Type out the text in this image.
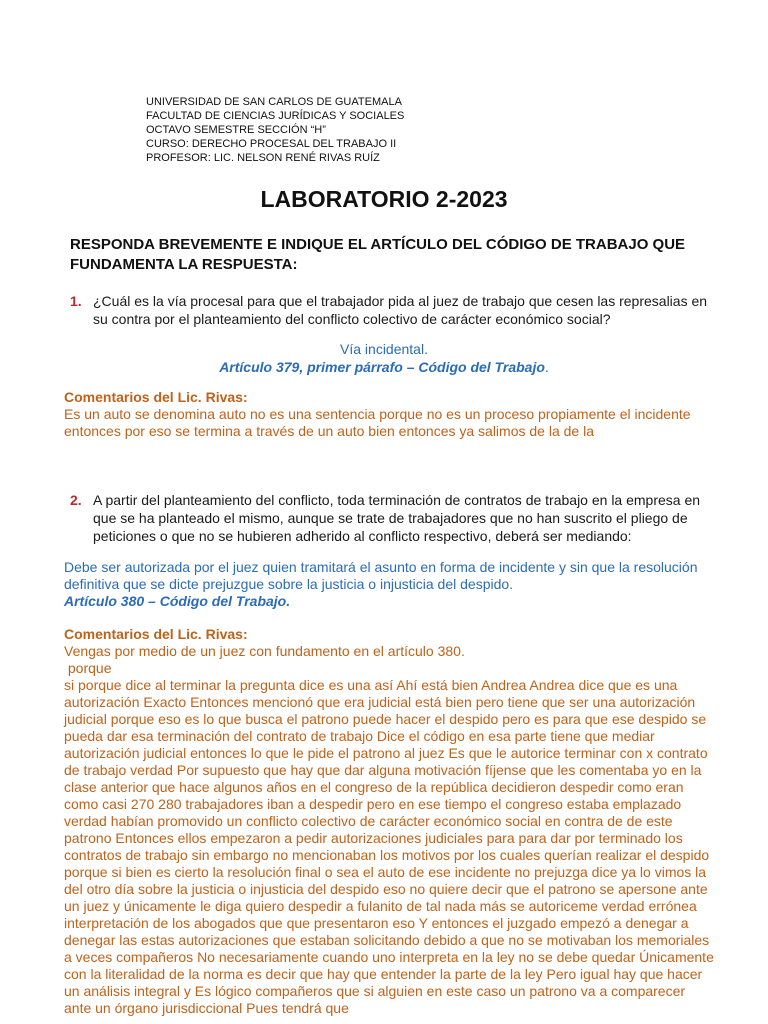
UNIVERSIDAD DE SAN CARLOS DE GUATEMALA
FACULTAD DE CIENCIAS JURÍDICAS Y SOCIALES
OCTAVO SEMESTRE SECCIÓN “H”
CURSO: DERECHO PROCESAL DEL TRABAJO II
PROFESOR: LIC. NELSON RENÉ RIVAS RUÍZ
LABORATORIO 2-2023
RESPONDA BREVEMENTE E INDIQUE EL ARTÍCULO DEL CÓDIGO DE TRABAJO QUE FUNDAMENTA LA RESPUESTA:
1. ¿Cuál es la vía procesal para que el trabajador pida al juez de trabajo que cesen las represalias en su contra por el planteamiento del conflicto colectivo de carácter económico social?
Vía incidental.
Artículo 379, primer párrafo – Código del Trabajo.
Comentarios del Lic. Rivas:
Es un auto se denomina auto no es una sentencia porque no es un proceso propiamente el incidente entonces por eso se termina a través de un auto bien entonces ya salimos de la de la
2. A partir del planteamiento del conflicto, toda terminación de contratos de trabajo en la empresa en que se ha planteado el mismo, aunque se trate de trabajadores que no han suscrito el pliego de peticiones o que no se hubieren adherido al conflicto respectivo, deberá ser mediando:
Debe ser autorizada por el juez quien tramitará el asunto en forma de incidente y sin que la resolución definitiva que se dicte prejuzgue sobre la justicia o injusticia del despido.
Artículo 380 – Código del Trabajo.
Comentarios del Lic. Rivas:
Vengas por medio de un juez con fundamento en el artículo 380.
porque
si porque dice al terminar la pregunta dice es una así Ahí está bien Andrea Andrea dice que es una autorización Exacto Entonces mencionó que era judicial está bien pero tiene que ser una autorización judicial porque eso es lo que busca el patrono puede hacer el despido pero es para que ese despido se pueda dar esa terminación del contrato de trabajo Dice el código en esa parte tiene que mediar autorización judicial entonces lo que le pide el patrono al juez Es que le autorice terminar con x contrato de trabajo verdad Por supuesto que hay que dar alguna motivación fíjense que les comentaba yo en la clase anterior que hace algunos años en el congreso de la república decidieron despedir como eran como casi 270 280 trabajadores iban a despedir pero en ese tiempo el congreso estaba emplazado verdad habían promovido un conflicto colectivo de carácter económico social en contra de de este patrono Entonces ellos empezaron a pedir autorizaciones judiciales para para dar por terminado los contratos de trabajo sin embargo no mencionaban los motivos por los cuales querían realizar el despido porque si bien es cierto la resolución final o sea el auto de ese incidente no prejuzga dice ya lo vimos la del otro día sobre la justicia o injusticia del despido eso no quiere decir que el patrono se apersone ante un juez y únicamente le diga quiero despedir a fulanito de tal nada más se autoriceme verdad errónea interpretación de los abogados que que presentaron eso Y entonces el juzgado empezó a denegar a denegar las estas autorizaciones que estaban solicitando debido a que no se motivaban los memoriales a veces compañeros No necesariamente cuando uno interpreta en la ley no se debe quedar Únicamente con la literalidad de la norma es decir que hay que entender la parte de la ley Pero igual hay que hacer un análisis integral y Es lógico compañeros que si alguien en este caso un patrono va a comparecer ante un órgano jurisdiccional Pues tendrá que
